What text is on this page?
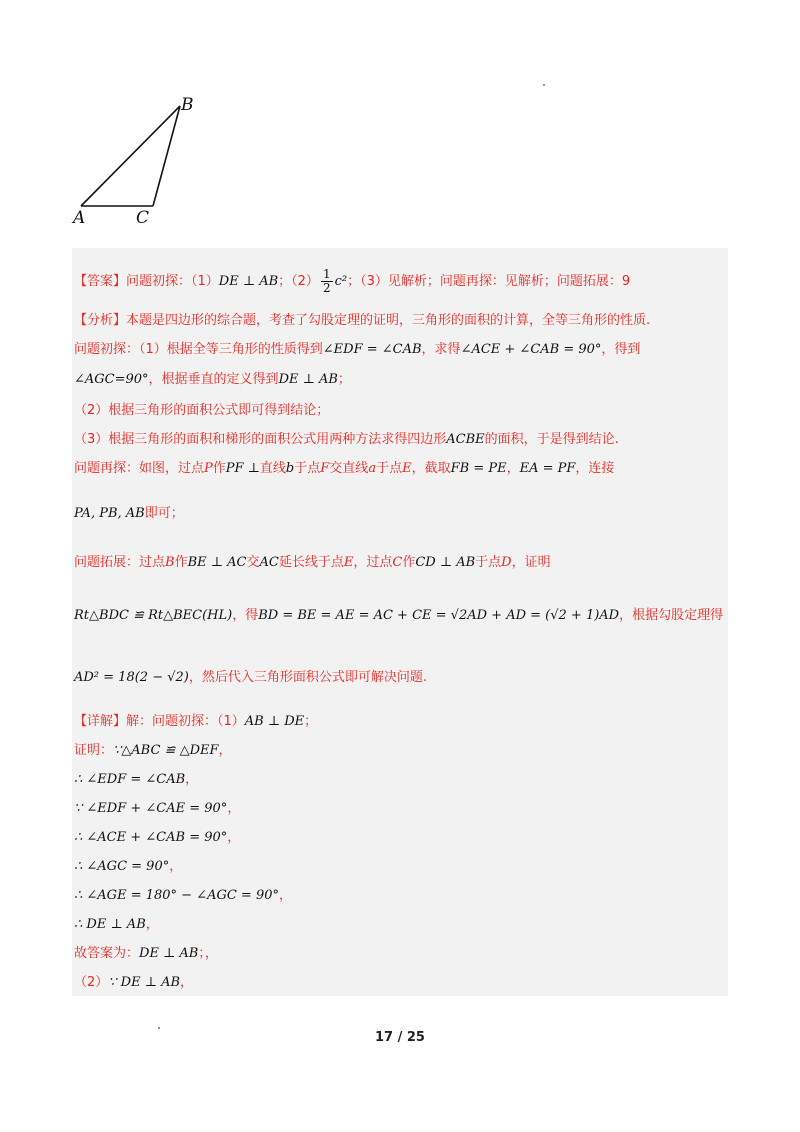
B
A	C
【答案】问题初探：（1）DE ⊥ AB；$(2) \frac{1}{2} c^2$；（3）见解析；问题再探：见解析；问题拓展：9
【分析】本题是四边形的综合题，考查了勾股定理的证明，三角形的面积的计算，全等三角形的性质.
问题初探：（1）根据全等三角形的性质得到∠EDF = ∠CAB，求得∠ACE + ∠CAB = 90°，得到
∠AGC=90°，根据垂直的定义得到DE ⊥ AB；
（2）根据三角形的面积公式即可得到结论；
（3）根据三角形的面积和梯形的面积公式用两种方法求得四边形ACBE的面积，于是得到结论.
问题再探：如图，过点P作PF ⊥直线b于点F交直线a于点E，截取FB = PE，EA = PF，连接
PA, PB, AB即可；
问题拓展：过点B作BE ⊥ AC交AC延长线于点E，过点C作CD ⊥ AB于点D，证明
Rt△BDC ≌ Rt△BEC(HL)，得BD = BE = AE = AC + CE = √2AD + AD = (√2 + 1)AD，根据勾股定理得
AD² = 18(2 − √2)，然后代入三角形面积公式即可解决问题.
【详解】解：问题初探：（1）AB ⊥ DE；
证明：∵△ABC ≌ △DEF，
∴ ∠EDF = ∠CAB，
∵ ∠EDF + ∠CAE = 90°，
∴ ∠ACE + ∠CAB = 90°，
∴ ∠AGC = 90°，
∴ ∠AGE = 180° − ∠AGC = 90°，
∴ DE ⊥ AB，
故答案为：DE ⊥ AB；，
（2）∵ DE ⊥ AB，
17 / 25
